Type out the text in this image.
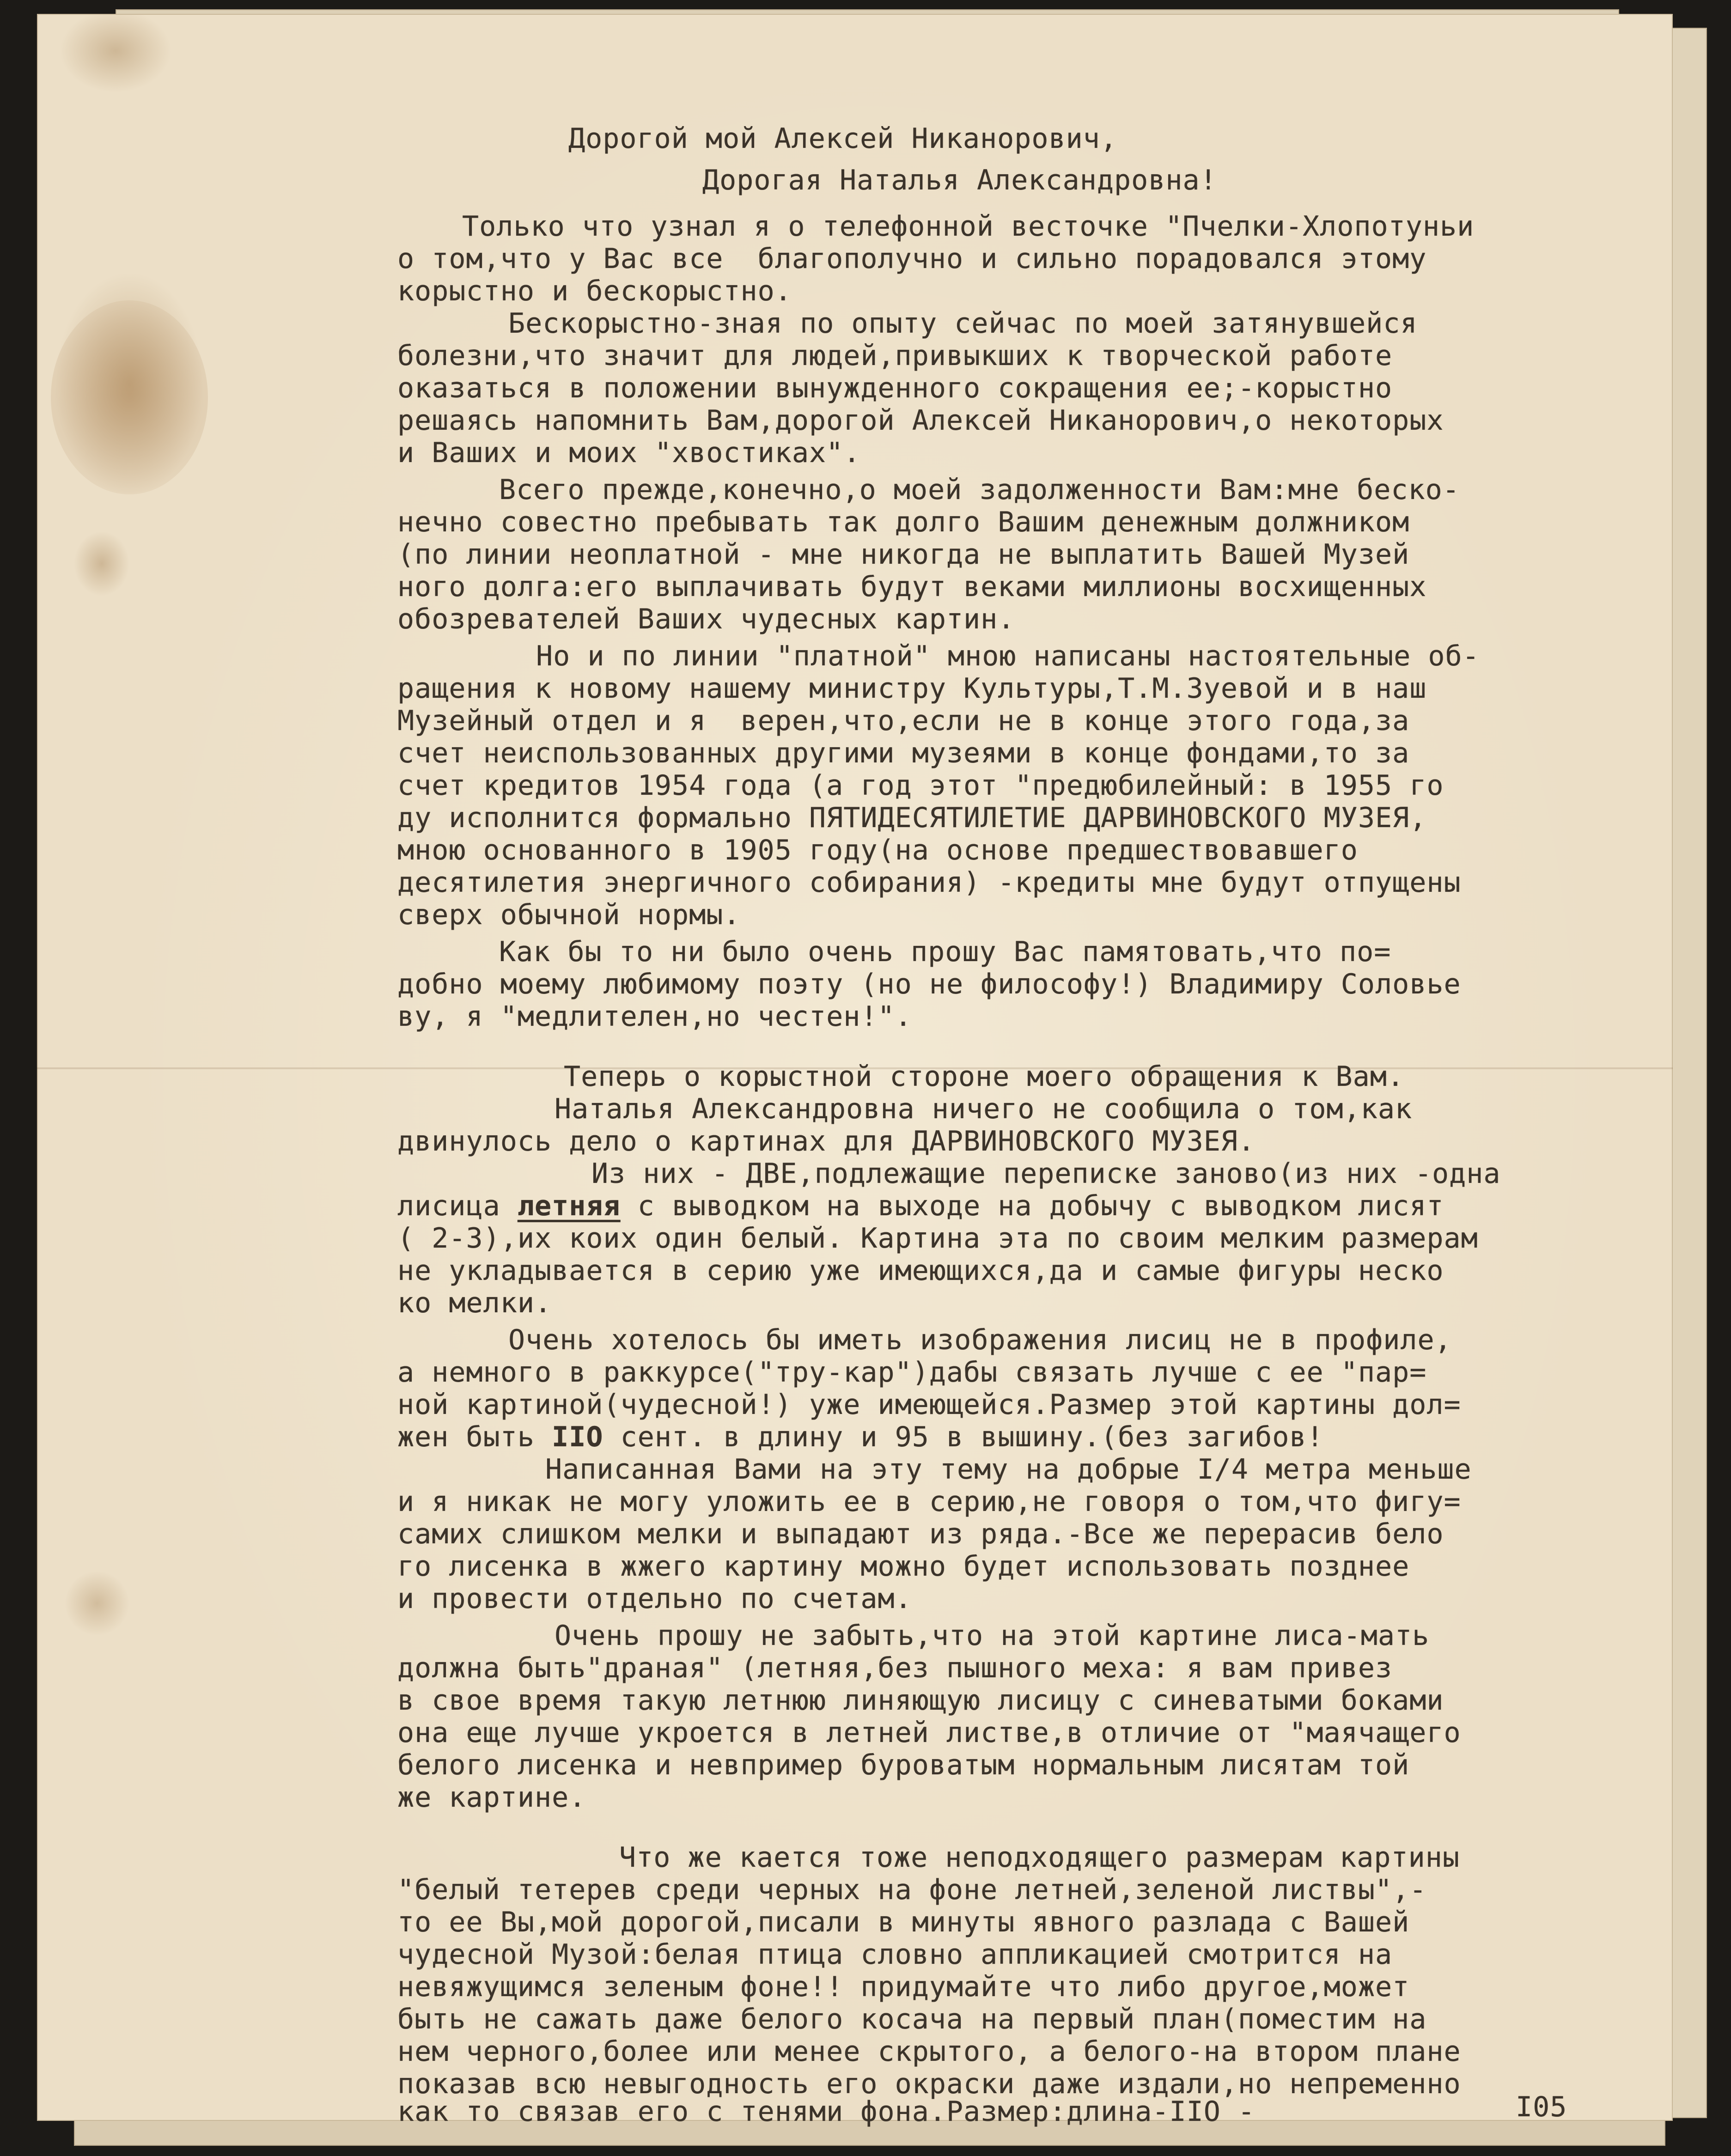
Дорогой мой Алексей Никанорович,
Дорогая Наталья Александровна!
Только что узнал я о телефонной весточке "Пчелки-Хлопотуньи
о том,что у Вас все  благополучно и сильно порадовался этому
корыстно и бескорыстно.
Бескорыстно-зная по опыту сейчас по моей затянувшейся
болезни,что значит для людей,привыкших к творческой работе
оказаться в положении вынужденного сокращения ее;-корыстно
решаясь напомнить Вам,дорогой Алексей Никанорович,о некоторых
и Ваших и моих "хвостиках".
Всего прежде,конечно,о моей задолженности Вам:мне беско-
нечно совестно пребывать так долго Вашим денежным должником
(по линии неоплатной - мне никогда не выплатить Вашей Музей
ного долга:его выплачивать будут веками миллионы восхищенных
обозревателей Ваших чудесных картин.
Но и по линии "платной" мною написаны настоятельные об-
ращения к новому нашему министру Культуры,Т.М.Зуевой и в наш
Музейный отдел и я  верен,что,если не в конце этого года,за
счет неиспользованных другими музеями в конце фондами,то за
счет кредитов 1954 года (а год этот "предюбилейный: в 1955 го
ду исполнится формально ПЯТИДЕСЯТИЛЕТИЕ ДАРВИНОВСКОГО МУЗЕЯ,
мною основанного в 1905 году(на основе предшествовавшего
десятилетия энергичного собирания) -кредиты мне будут отпущены
сверх обычной нормы.
Как бы то ни было очень прошу Вас памятовать,что по=
добно моему любимому поэту (но не философу!) Владимиру Соловье
ву, я "медлителен,но честен!".
Теперь о корыстной стороне моего обращения к Вам.
Наталья Александровна ничего не сообщила о том,как
двинулось дело о картинах для ДАРВИНОВСКОГО МУЗЕЯ.
Из них - ДВЕ,подлежащие переписке заново(из них -одна
лисица летняя с выводком на выходе на добычу с выводком лисят
( 2-3),их коих один белый. Картина эта по своим мелким размерам
не укладывается в серию уже имеющихся,да и самые фигуры неско
ко мелки.
Очень хотелось бы иметь изображения лисиц не в профиле,
а немного в раккурсе("тру-кар")дабы связать лучше с ее "пар=
ной картиной(чудесной!) уже имеющейся.Размер этой картины дол=
жен быть IIO сент. в длину и 95 в вышину.(без загибов!
Написанная Вами на эту тему на добрые I/4 метра меньше
и я никак не могу уложить ее в серию,не говоря о том,что фигу=
самих слишком мелки и выпадают из ряда.-Все же перерасив бело
го лисенка в жжего картину можно будет использовать позднее
и провести отдельно по счетам.
Очень прошу не забыть,что на этой картине лиса-мать
должна быть"драная" (летняя,без пышного меха: я вам привез
в свое время такую летнюю линяющую лисицу с синеватыми боками
она еще лучше укроется в летней листве,в отличие от "маячащего
белого лисенка и невпример буроватым нормальным лисятам той
же картине.
Что же кается тоже неподходящего размерам картины
"белый тетерев среди черных на фоне летней,зеленой листвы",-
то ее Вы,мой дорогой,писали в минуты явного разлада с Вашей
чудесной Музой:белая птица словно аппликацией смотрится на
невяжущимся зеленым фоне!! придумайте что либо другое,может
быть не сажать даже белого косача на первый план(поместим на
нем черного,более или менее скрытого, а белого-на втором плане
показав всю невыгодность его окраски даже издали,но непременно
как то связав его с тенями фона.Размер:длина-IIO -	I05
